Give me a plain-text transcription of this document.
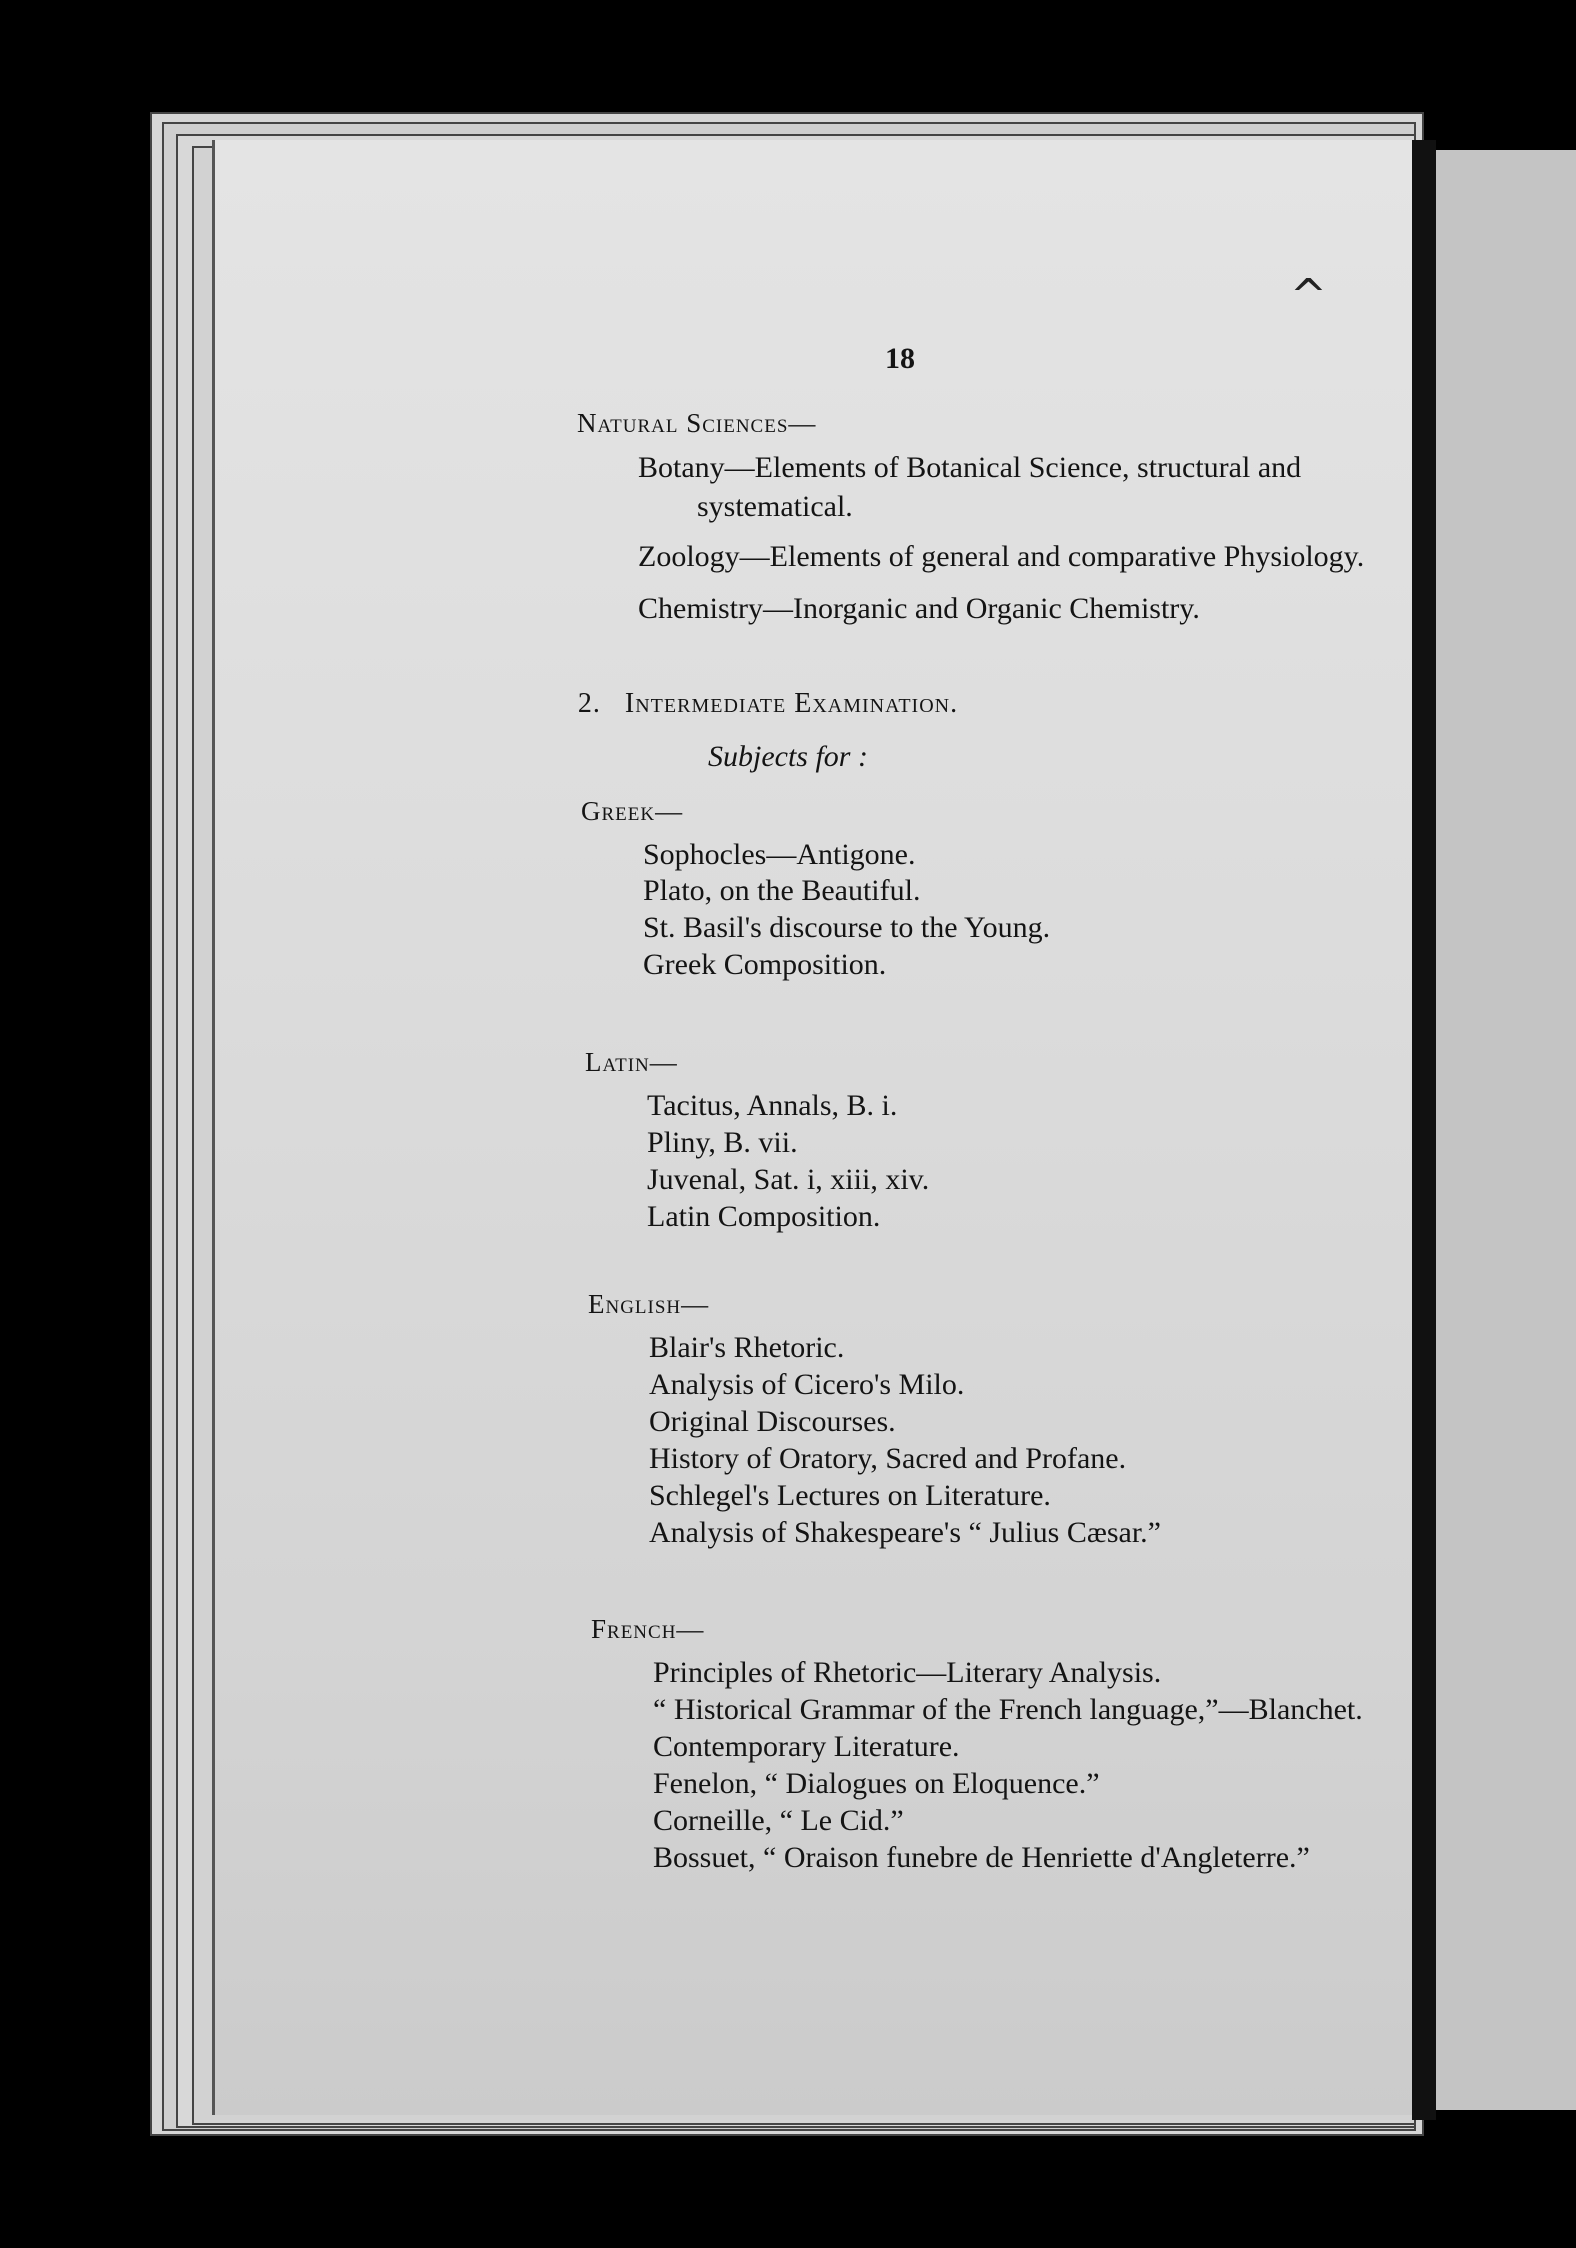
^
18
Natural Sciences—
Botany—Elements of Botanical Science, structural and
systematical.
Zoology—Elements of general and comparative Physiology.
Chemistry—Inorganic and Organic Chemistry.
2.   Intermediate Examination.
Subjects for :
Greek—
Sophocles—Antigone.
Plato, on the Beautiful.
St. Basil's discourse to the Young.
Greek Composition.
Latin—
Tacitus, Annals, B. i.
Pliny, B. vii.
Juvenal, Sat. i, xiii, xiv.
Latin Composition.
English—
Blair's Rhetoric.
Analysis of Cicero's Milo.
Original Discourses.
History of Oratory, Sacred and Profane.
Schlegel's Lectures on Literature.
Analysis of Shakespeare's “ Julius Cæsar.”
French—
Principles of Rhetoric—Literary Analysis.
“ Historical Grammar of the French language,”—Blanchet.
Contemporary Literature.
Fenelon, “ Dialogues on Eloquence.”
Corneille, “ Le Cid.”
Bossuet, “ Oraison funebre de Henriette d'Angleterre.”
